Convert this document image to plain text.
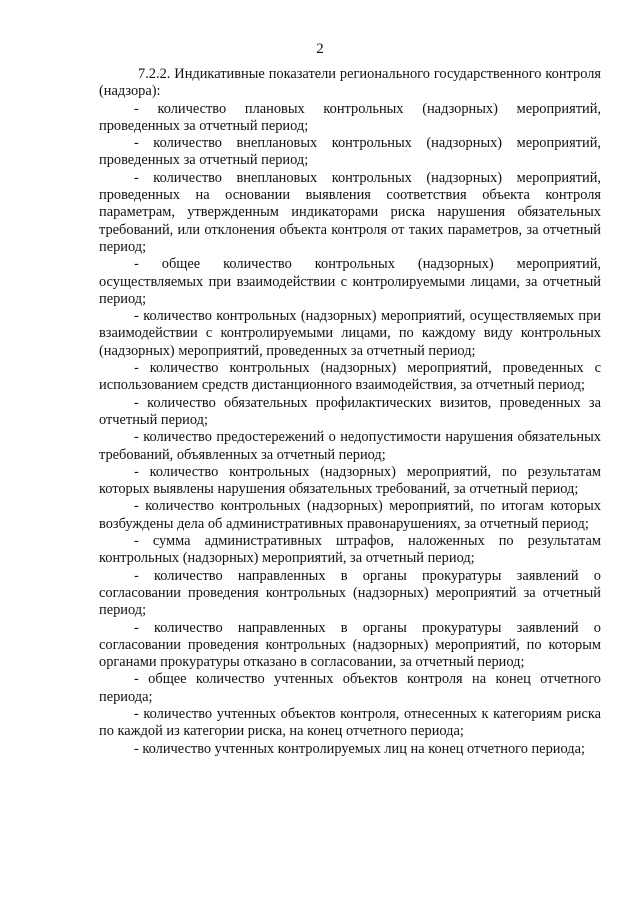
2

7.2.2. Индикативные показатели регионального государственного контроля (надзора):

- количество плановых контрольных (надзорных) мероприятий, проведенных за отчетный период;

- количество внеплановых контрольных (надзорных) мероприятий, проведенных за отчетный период;

- количество внеплановых контрольных (надзорных) мероприятий, проведенных на основании выявления соответствия объекта контроля параметрам, утвержденным индикаторами риска нарушения обязательных требований, или отклонения объекта контроля от таких параметров, за отчетный период;

- общее количество контрольных (надзорных) мероприятий, осуществляемых при взаимодействии с контролируемыми лицами, за отчетный период;

- количество контрольных (надзорных) мероприятий, осуществляемых при взаимодействии с контролируемыми лицами, по каждому виду контрольных (надзорных) мероприятий, проведенных за отчетный период;

- количество контрольных (надзорных) мероприятий, проведенных с использованием средств дистанционного взаимодействия, за отчетный период;

- количество обязательных профилактических визитов, проведенных за отчетный период;

- количество предостережений о недопустимости нарушения обязательных требований, объявленных за отчетный период;

- количество контрольных (надзорных) мероприятий, по результатам которых выявлены нарушения обязательных требований, за отчетный период;

- количество контрольных (надзорных) мероприятий, по итогам которых возбуждены дела об административных правонарушениях, за отчетный период;

- сумма административных штрафов, наложенных по результатам контрольных (надзорных) мероприятий, за отчетный период;

- количество направленных в органы прокуратуры заявлений о согласовании проведения контрольных (надзорных) мероприятий за отчетный период;

- количество направленных в органы прокуратуры заявлений о согласовании проведения контрольных (надзорных) мероприятий, по которым органами прокуратуры отказано в согласовании, за отчетный период;

- общее количество учтенных объектов контроля на конец отчетного периода;

- количество учтенных объектов контроля, отнесенных к категориям риска по каждой из категории риска, на конец отчетного периода;

- количество учтенных контролируемых лиц на конец отчетного периода;
